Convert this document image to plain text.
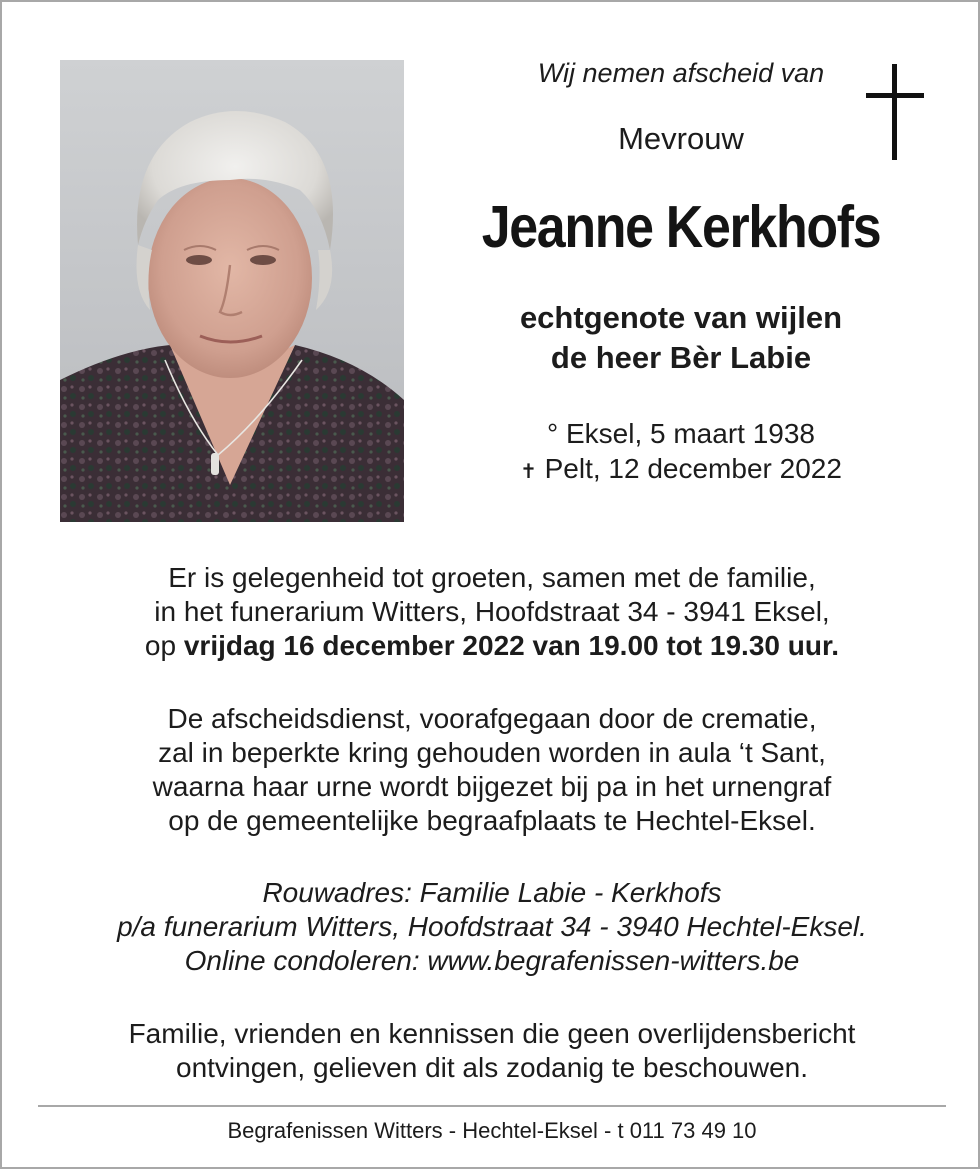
Wij nemen afscheid van
Mevrouw
Jeanne Kerkhofs
echtgenote van wijlen
de heer Bèr Labie
° Eksel, 5 maart 1938
✝ Pelt, 12 december 2022
Er is gelegenheid tot groeten, samen met de familie,
in het funerarium Witters, Hoofdstraat 34 - 3941 Eksel,
op vrijdag 16 december 2022 van 19.00 tot 19.30 uur.
De afscheidsdienst, voorafgegaan door de crematie,
zal in beperkte kring gehouden worden in aula ‘t Sant,
waarna haar urne wordt bijgezet bij pa in het urnengraf
op de gemeentelijke begraafplaats te Hechtel-Eksel.
Rouwadres: Familie Labie - Kerkhofs
p/a funerarium Witters, Hoofdstraat 34 - 3940 Hechtel-Eksel.
Online condoleren: www.begrafenissen-witters.be
Familie, vrienden en kennissen die geen overlijdensbericht
ontvingen, gelieven dit als zodanig te beschouwen.
Begrafenissen Witters - Hechtel-Eksel - t 011 73 49 10
